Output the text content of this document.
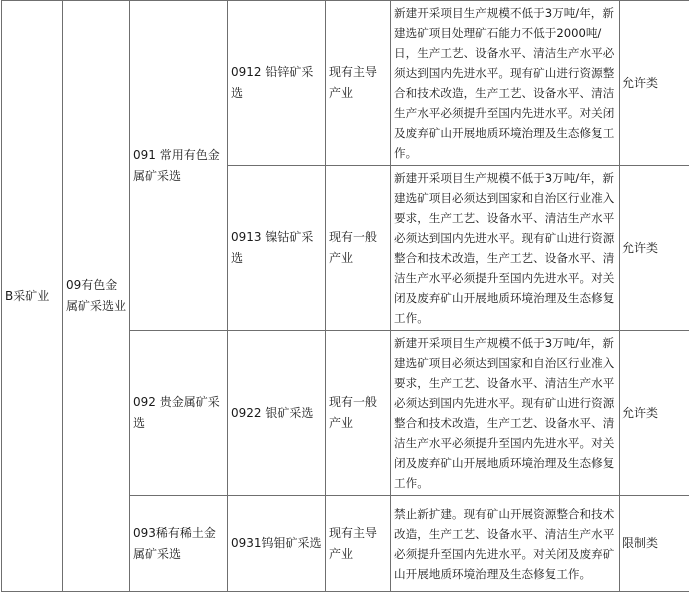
B采矿业	09有色金属矿采选业	091 常用有色金属矿采选	0912 铅锌矿采选	现有主导产业	新建开采项目生产规模不低于3万吨/年，新建选矿项目处理矿石能力不低于2000吨/日，生产工艺、设备水平、清洁生产水平必须达到国内先进水平。现有矿山进行资源整合和技术改造，生产工艺、设备水平、清洁生产水平必须提升至国内先进水平。对关闭及废弃矿山开展地质环境治理及生态修复工作。	允许类
			0913 镍钴矿采选	现有一般产业	新建开采项目生产规模不低于3万吨/年，新建选矿项目必须达到国家和自治区行业准入要求，生产工艺、设备水平、清洁生产水平必须达到国内先进水平。现有矿山进行资源整合和技术改造，生产工艺、设备水平、清洁生产水平必须提升至国内先进水平。对关闭及废弃矿山开展地质环境治理及生态修复工作。	允许类
		092 贵金属矿采选	0922 银矿采选	现有一般产业	新建开采项目生产规模不低于3万吨/年，新建选矿项目必须达到国家和自治区行业准入要求，生产工艺、设备水平、清洁生产水平必须达到国内先进水平。现有矿山进行资源整合和技术改造，生产工艺、设备水平、清洁生产水平必须提升至国内先进水平。对关闭及废弃矿山开展地质环境治理及生态修复工作。	允许类
		093稀有稀土金属矿采选	0931钨钼矿采选	现有主导产业	禁止新扩建。现有矿山开展资源整合和技术改造，生产工艺、设备水平、清洁生产水平必须提升至国内先进水平。对关闭及废弃矿山开展地质环境治理及生态修复工作。	限制类
